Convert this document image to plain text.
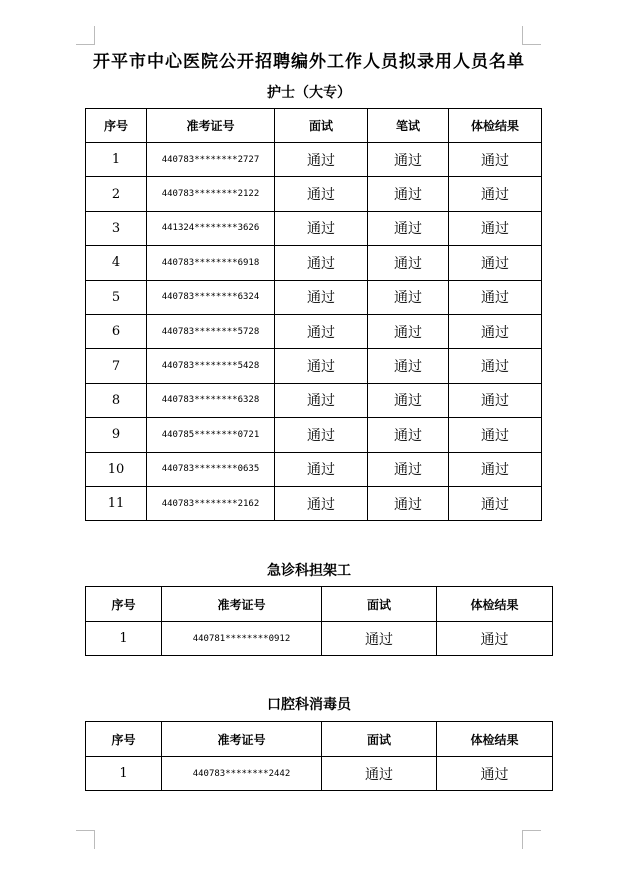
开平市中心医院公开招聘编外工作人员拟录用人员名单
护士（大专）
序号	准考证号	面试	笔试	体检结果
1	440783********2727	通过	通过	通过
2	440783********2122	通过	通过	通过
3	441324********3626	通过	通过	通过
4	440783********6918	通过	通过	通过
5	440783********6324	通过	通过	通过
6	440783********5728	通过	通过	通过
7	440783********5428	通过	通过	通过
8	440783********6328	通过	通过	通过
9	440785********0721	通过	通过	通过
10	440783********0635	通过	通过	通过
11	440783********2162	通过	通过	通过
急诊科担架工
序号	准考证号	面试	体检结果
1	440781********0912	通过	通过
口腔科消毒员
序号	准考证号	面试	体检结果
1	440783********2442	通过	通过
